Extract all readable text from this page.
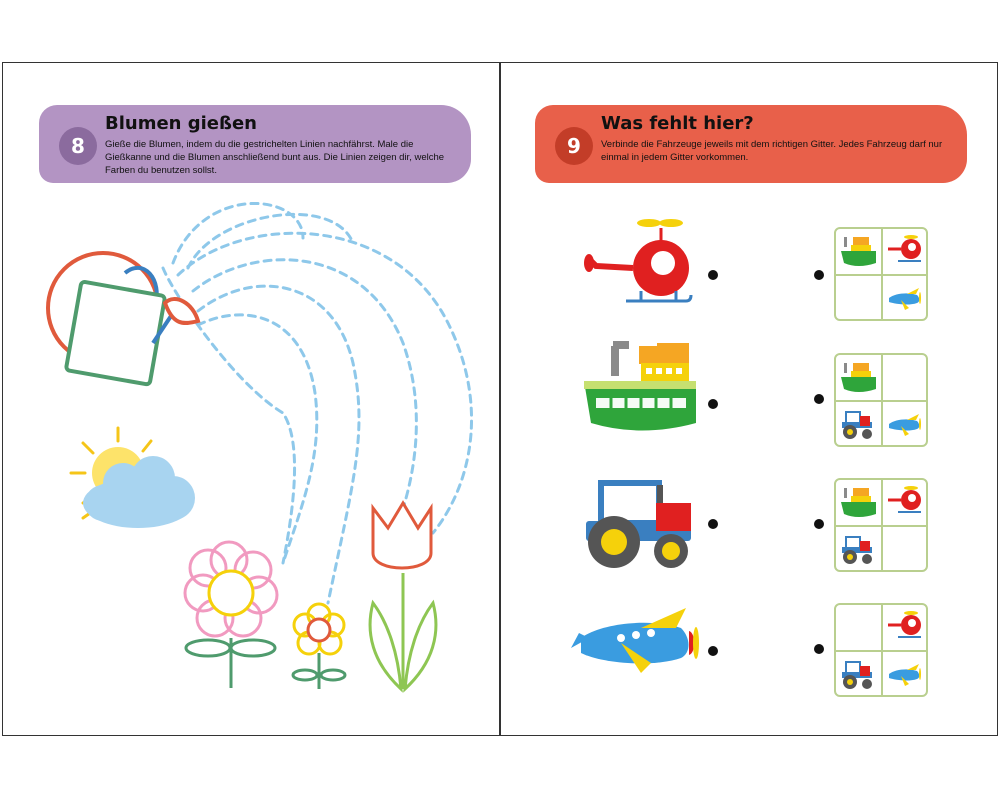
8
Blumen gießen
Gieße die Blumen, indem du die gestrichelten Linien nachfährst. Male die Gießkanne und die Blumen anschließend bunt aus. Die Linien zeigen dir, welche Farben du benutzen sollst.
9
Was fehlt hier?
Verbinde die Fahrzeuge jeweils mit dem richtigen Gitter. Jedes Fahrzeug darf nur einmal in jedem Gitter vorkommen.
